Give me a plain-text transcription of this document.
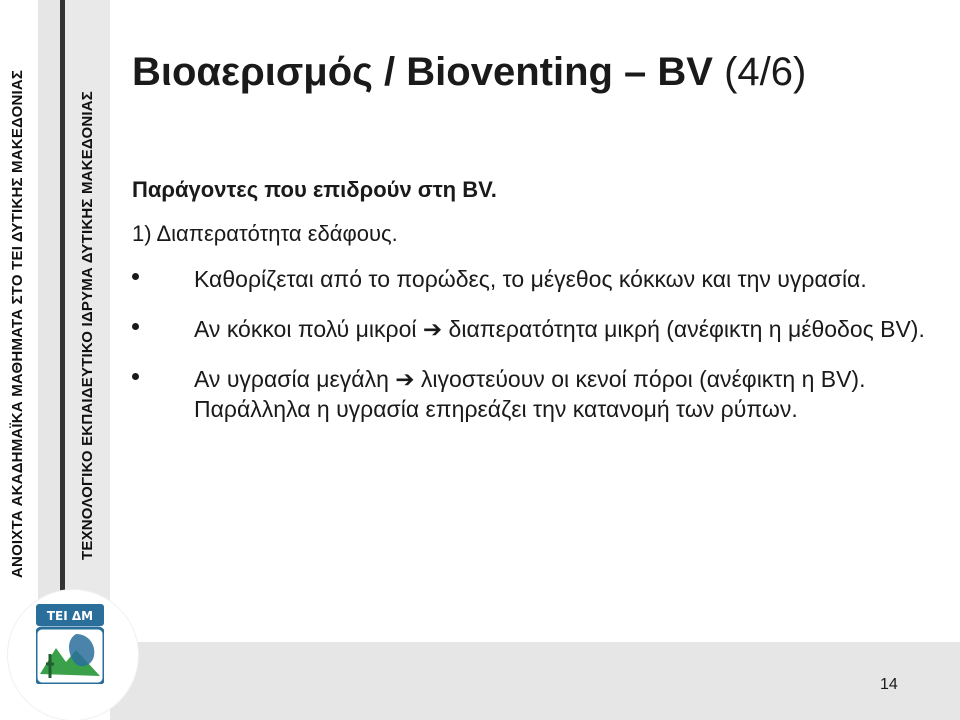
ΑΝΟΙΧΤΑ ΑΚΑΔΗΜΑΪΚΑ ΜΑΘΗΜΑΤΑ ΣΤΟ ΤΕΙ ΔΥΤΙΚΗΣ ΜΑΚΕΔΟΝΙΑΣ	ΤΕΧΝΟΛΟΓΙΚΟ ΕΚΠΑΙΔΕΥΤΙΚΟ ΙΔΡΥΜΑ ΔΥΤΙΚΗΣ ΜΑΚΕΔΟΝΙΑΣ
ΤΕΙ ΔΜ
Βιοαερισμός / Bioventing – BV (4/6)

Παράγοντες που επιδρούν στη BV.

1) Διαπερατότητα εδάφους.

Καθορίζεται από το πορώδες, το μέγεθος κόκκων και την υγρασία.
Αν κόκκοι πολύ μικροί ➔ διαπερατότητα μικρή (ανέφικτη η μέθοδος BV).
Αν υγρασία μεγάλη ➔ λιγοστεύουν οι κενοί πόροι (ανέφικτη η BV). Παράλληλα η υγρασία επηρεάζει την κατανομή των ρύπων.
14
